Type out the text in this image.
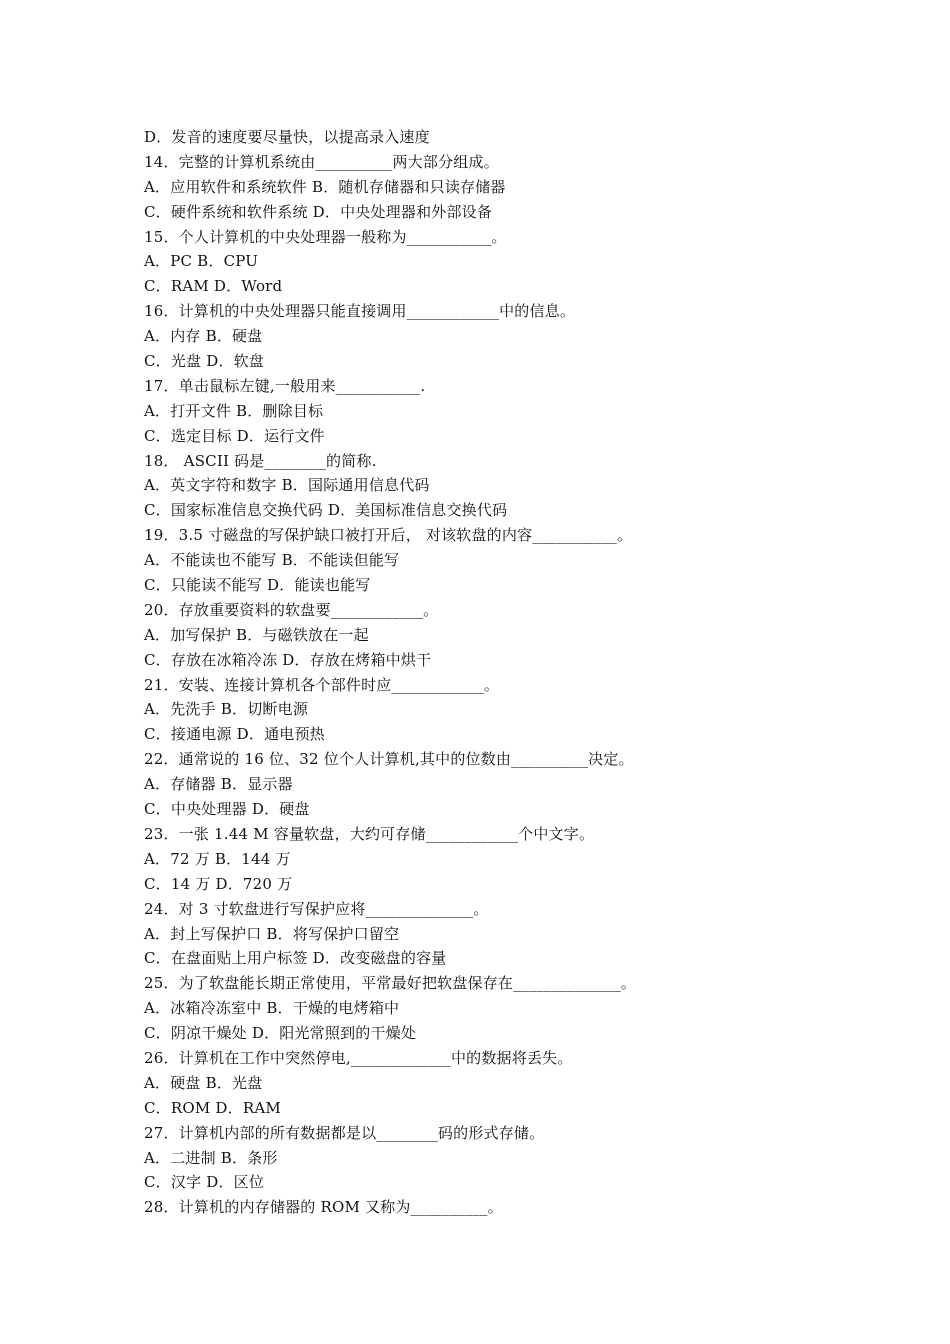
D．发音的速度要尽量快，以提高录入速度
14．完整的计算机系统由__________两大部分组成。
A．应用软件和系统软件 B．随机存储器和只读存储器
C．硬件系统和软件系统 D．中央处理器和外部设备
15．个人计算机的中央处理器一般称为___________。
A．PC B．CPU
C．RAM D．Word
16．计算机的中央处理器只能直接调用____________中的信息。
A．内存 B．硬盘
C．光盘 D．软盘
17．单击鼠标左键,一般用来___________.
A．打开文件 B．删除目标
C．选定目标 D．运行文件
18． ASCII 码是________的简称.
A．英文字符和数字 B．国际通用信息代码
C．国家标准信息交换代码 D．美国标准信息交换代码
19．3.5 寸磁盘的写保护缺口被打开后， 对该软盘的内容___________。
A．不能读也不能写 B．不能读但能写
C．只能读不能写 D．能读也能写
20．存放重要资料的软盘要____________。
A．加写保护 B．与磁铁放在一起
C．存放在冰箱冷冻 D．存放在烤箱中烘干
21．安装、连接计算机各个部件时应____________。
A．先洗手 B．切断电源
C．接通电源 D．通电预热
22．通常说的 16 位、32 位个人计算机,其中的位数由__________决定。
A．存储器 B．显示器
C．中央处理器 D．硬盘
23．一张 1.44 M 容量软盘，大约可存储____________个中文字。
A．72 万 B．144 万
C．14 万 D．720 万
24．对 3 寸软盘进行写保护应将______________。
A．封上写保护口 B．将写保护口留空
C．在盘面贴上用户标签 D．改变磁盘的容量
25．为了软盘能长期正常使用，平常最好把软盘保存在______________。
A．冰箱冷冻室中 B．干燥的电烤箱中
C．阴凉干燥处 D．阳光常照到的干燥处
26．计算机在工作中突然停电,_____________中的数据将丢失。
A．硬盘 B．光盘
C．ROM D．RAM
27．计算机内部的所有数据都是以________码的形式存储。
A．二进制 B．条形
C．汉字 D．区位
28．计算机的内存储器的 ROM 又称为__________。
